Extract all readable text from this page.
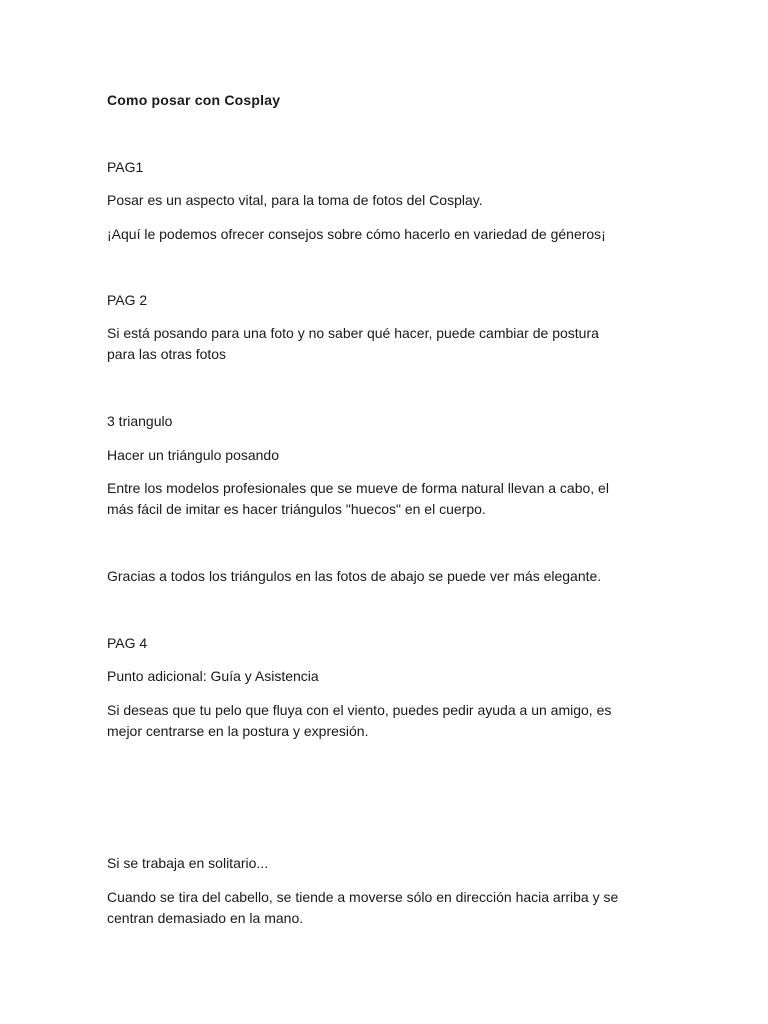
Como posar con Cosplay

PAG1

Posar es un aspecto vital, para la toma de fotos del Cosplay.

¡Aquí le podemos ofrecer consejos sobre cómo hacerlo en variedad de géneros¡

PAG 2

Si está posando para una foto y no saber qué hacer, puede cambiar de postura

para las otras fotos

3 triangulo

Hacer un triángulo posando

Entre los modelos profesionales que se mueve de forma natural llevan a cabo, el

más fácil de imitar es hacer triángulos "huecos" en el cuerpo.

Gracias a todos los triángulos en las fotos de abajo se puede ver más elegante.

PAG 4

Punto adicional: Guía y Asistencia

Si deseas que tu pelo que fluya con el viento, puedes pedir ayuda a un amigo, es

mejor centrarse en la postura y expresión.

Si se trabaja en solitario...

Cuando se tira del cabello, se tiende a moverse sólo en dirección hacia arriba y se

centran demasiado en la mano.
